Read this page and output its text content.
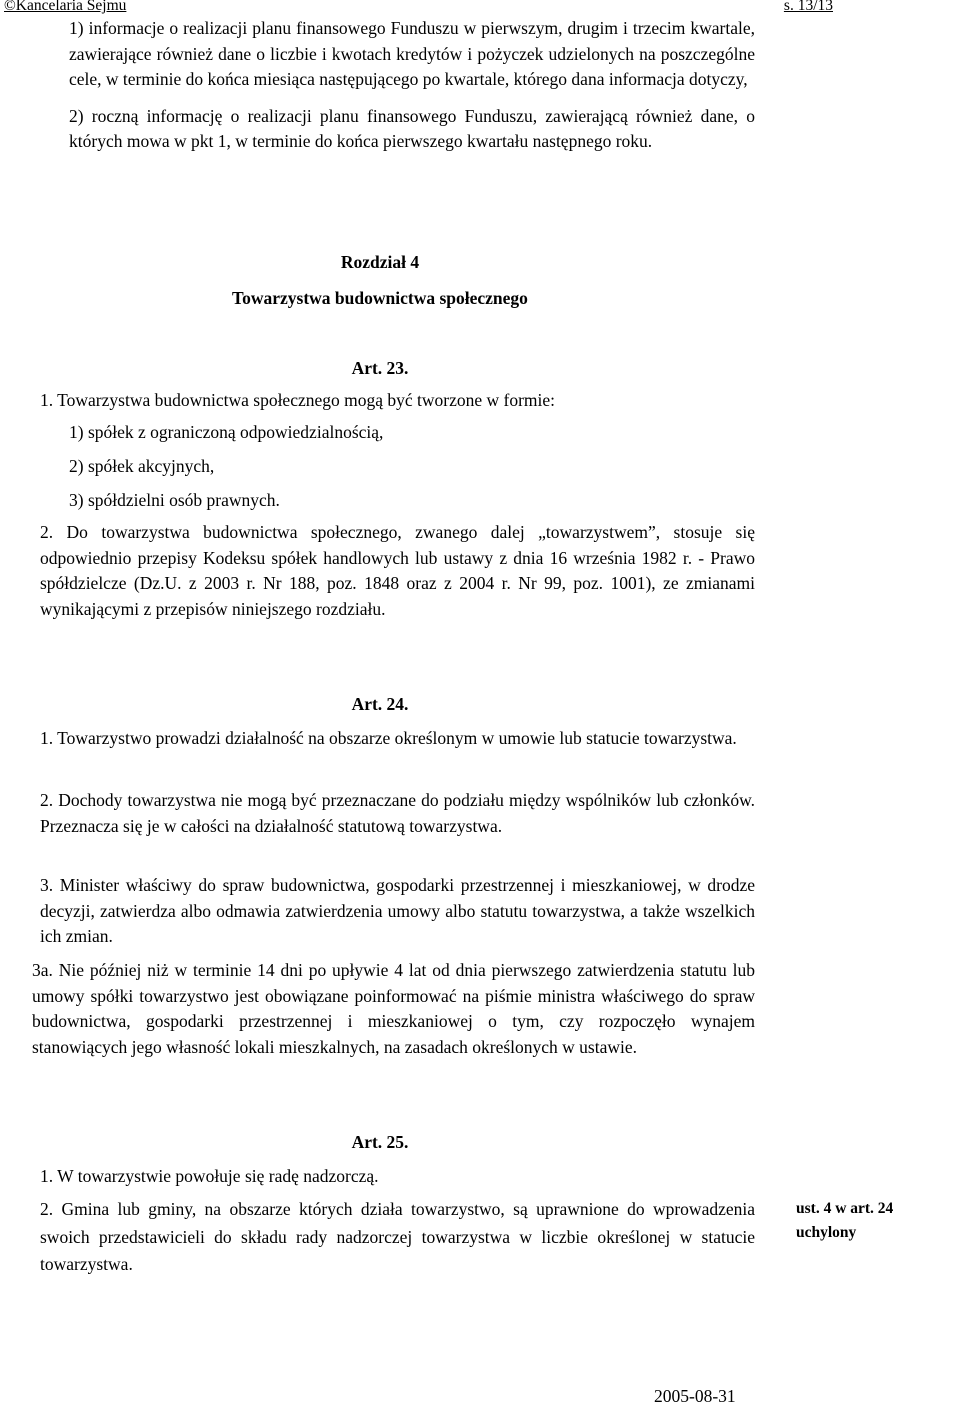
©Kancelaria Sejmu	s. 13/13

1) informacje o realizacji planu finansowego Funduszu w pierwszym, drugim i trzecim kwartale, zawierające również dane o liczbie i kwotach kredytów i pożyczek udzielonych na poszczególne cele, w terminie do końca miesiąca następującego po kwartale, którego dana informacja dotyczy,

2) roczną informację o realizacji planu finansowego Funduszu, zawierającą również dane, o których mowa w pkt 1, w terminie do końca pierwszego kwartału następnego roku.

Rozdział 4
Towarzystwa budownictwa społecznego
Art. 23.

1. Towarzystwa budownictwa społecznego mogą być tworzone w formie:

1) spółek z ograniczoną odpowiedzialnością,
2) spółek akcyjnych,
3) spółdzielni osób prawnych.

2. Do towarzystwa budownictwa społecznego, zwanego dalej „towarzystwem”, stosuje się odpowiednio przepisy Kodeksu spółek handlowych lub ustawy z dnia 16 września 1982 r. - Prawo spółdzielcze (Dz.U. z 2003 r. Nr 188, poz. 1848 oraz z 2004 r. Nr 99, poz. 1001), ze zmianami wynikającymi z przepisów niniejszego rozdziału.

Art. 24.

1. Towarzystwo prowadzi działalność na obszarze określonym w umowie lub statucie towarzystwa.

2. Dochody towarzystwa nie mogą być przeznaczane do podziału między wspólników lub członków. Przeznacza się je w całości na działalność statutową towarzystwa.

3. Minister właściwy do spraw budownictwa, gospodarki przestrzennej i mieszkaniowej, w drodze decyzji, zatwierdza albo odmawia zatwierdzenia umowy albo statutu towarzystwa, a także wszelkich ich zmian.

3a. Nie później niż w terminie 14 dni po upływie 4 lat od dnia pierwszego zatwierdzenia statutu lub umowy spółki towarzystwo jest obowiązane poinformować na piśmie ministra właściwego do spraw budownictwa, gospodarki przestrzennej i mieszkaniowej o tym, czy rozpoczęło wynajem stanowiących jego własność lokali mieszkalnych, na zasadach określonych w ustawie.

Art. 25.

1. W towarzystwie powołuje się radę nadzorczą.

2. Gmina lub gminy, na obszarze których działa towarzystwo, są uprawnione do wprowadzenia swoich przedstawicieli do składu rady nadzorczej towarzystwa w liczbie określonej w statucie towarzystwa.

ust. 4 w art. 24 uchylony
2005-08-31
